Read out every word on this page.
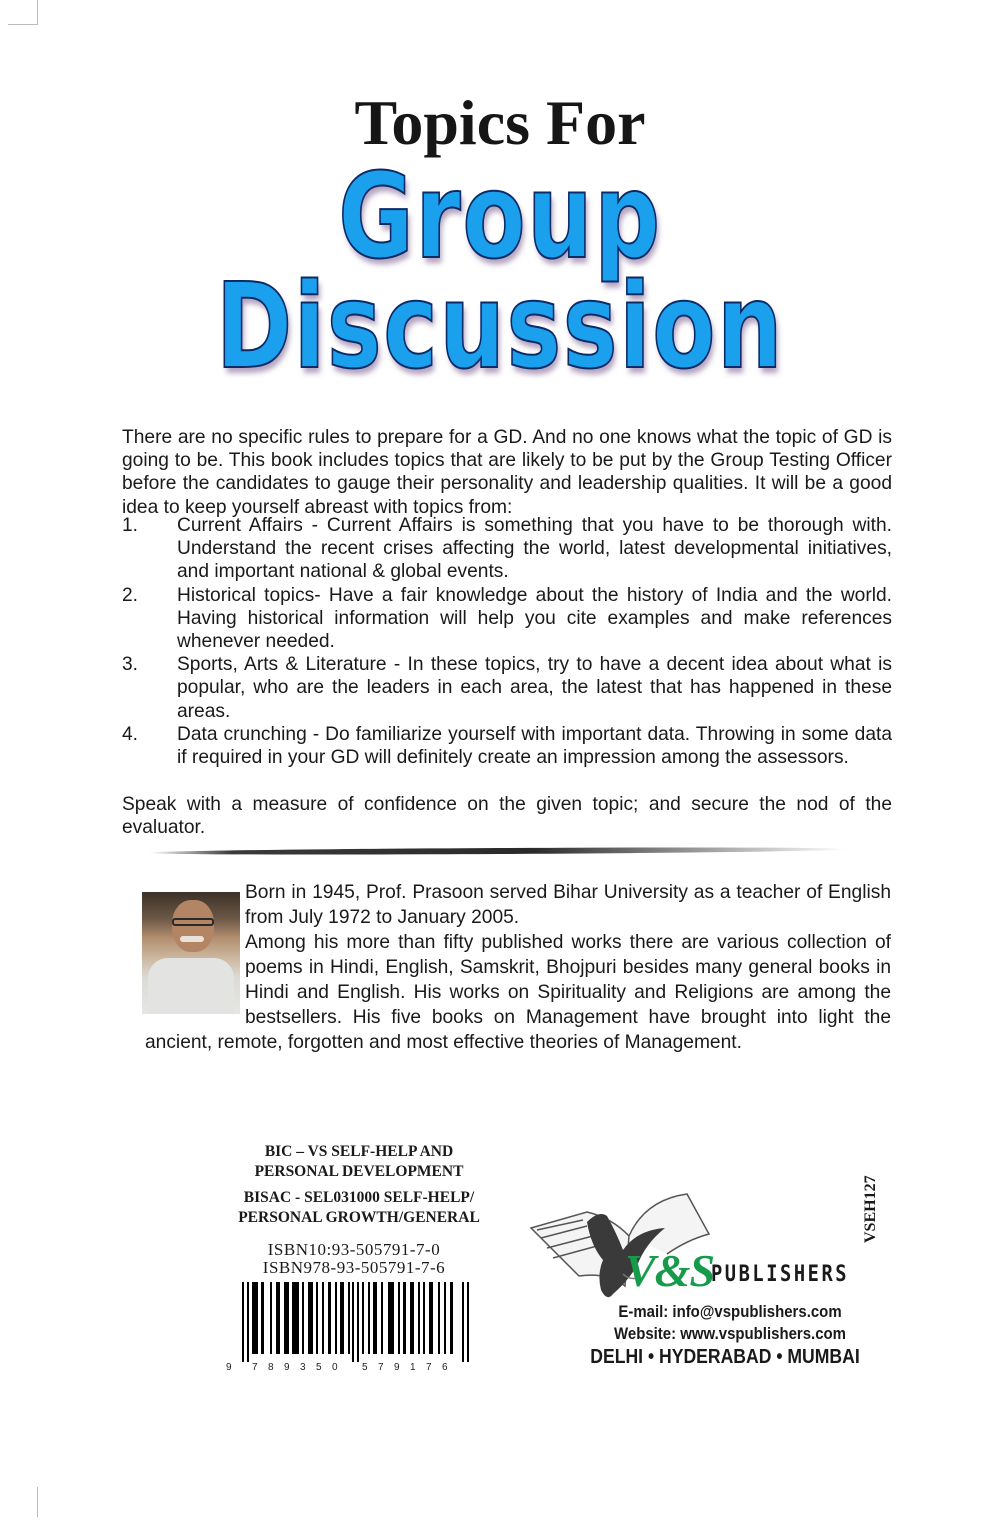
Topics For
Group
Discussion
There are no specific rules to prepare for a GD. And no one knows what the topic of GD is going to be. This book includes topics that are likely to be put by the Group Testing Officer before the candidates to gauge their personality and leadership qualities. It will be a good idea to keep yourself abreast with topics from:
1. Current Affairs - Current Affairs is something that you have to be thorough with. Understand the recent crises affecting the world, latest developmental initiatives, and important national & global events.
2. Historical topics- Have a fair knowledge about the history of India and the world. Having historical information will help you cite examples and make references whenever needed.
3. Sports, Arts & Literature - In these topics, try to have a decent idea about what is popular, who are the leaders in each area, the latest that has happened in these areas.
4. Data crunching - Do familiarize yourself with important data. Throwing in some data if required in your GD will definitely create an impression among the assessors.
Speak with a measure of confidence on the given topic; and secure the nod of the evaluator.
Born in 1945, Prof. Prasoon served Bihar University as a teacher of English from July 1972 to January 2005.
Among his more than fifty published works there are various collection of poems in Hindi, English, Samskrit, Bhojpuri besides many general books in Hindi and English. His works on Spirituality and Religions are among the bestsellers. His five books on Management have brought into light the ancient, remote, forgotten and most effective theories of Management.
BIC – VS SELF-HELP AND
PERSONAL DEVELOPMENT
BISAC - SEL031000 SELF-HELP/
PERSONAL GROWTH/GENERAL
ISBN10:93-505791-7-0
ISBN978-93-505791-7-6
9 7 8 9 3 5 0 5 7 9 1 7 6
V&S
PUBLISHERS
E-mail: info@vspublishers.com
Website: www.vspublishers.com
DELHI • HYDERABAD • MUMBAI
VSEH127
